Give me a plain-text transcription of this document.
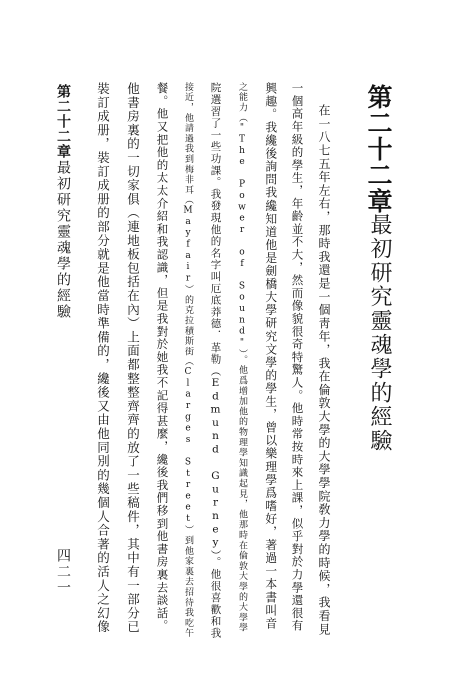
第二十二章
最初研究靈魂學的經驗
在一八七五年左右，那時我還是一個靑年，我在倫敦大學的大學學院敎力學的時候，我看見
一個高年級的學生，年齡並不大，然而像貌很奇特驚人。他時常按時來上課，似乎對於力學還很有
興趣。我纔後詢問我纔知道他是劍橋大學研究文學的學生，曾以樂理學爲嗜好，著過一本書叫音
之能力（"The Power of Sound"）。他爲增加他的物理學知識起見，他那時在倫敦大學的大學學
院選習了一些功課。我發現他的名字叫厄底莽德．革勒（Edmund Gurney）。他很喜歡和我
接近，他請過我到梅非耳（Mayfair）的克拉積斯街（Clarges Street）到他家裏去招待我吃午
餐。他又把他的太太介紹和我認識，但是我對於她我不記得甚麼，纔後我們移到他書房裏去談話。
他書房裏的一切家俱（連地板包括在內）上面都整整齊齊的放了一些稿件，其中有一部分已
裝訂成册，裝訂成册的部分就是他當時準備的，纔後又由他同別的幾個人合著的活人之幻像
第二十二章
最初研究靈魂學的經驗
四二一
